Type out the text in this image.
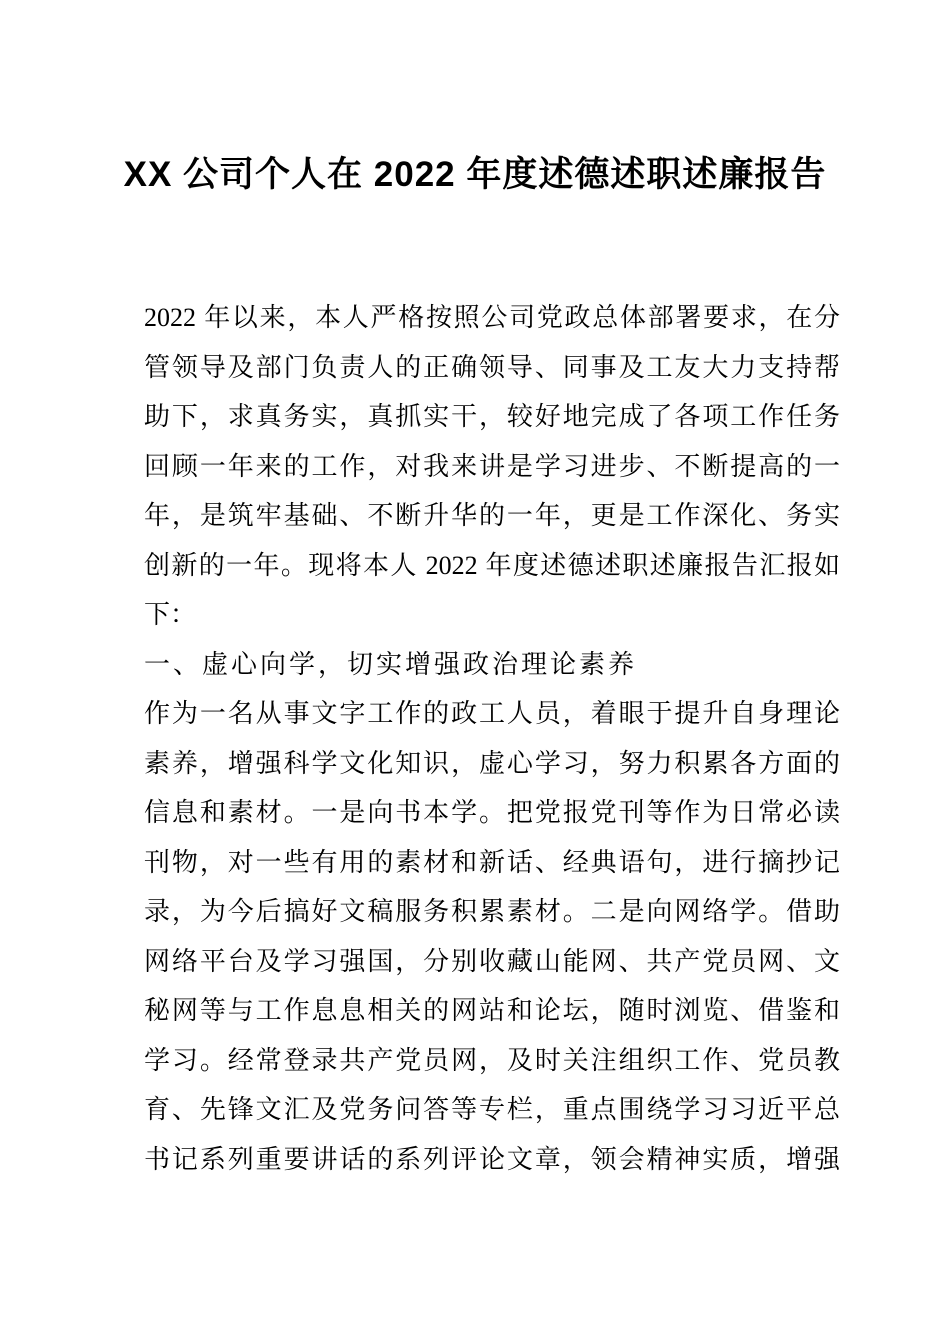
XX 公司个人在 2022 年度述德述职述廉报告
2022 年以来，本人严格按照公司党政总体部署要求，在分
管领导及部门负责人的正确领导、同事及工友大力支持帮
助下，求真务实，真抓实干，较好地完成了各项工作任务
回顾一年来的工作，对我来讲是学习进步、不断提高的一
年，是筑牢基础、不断升华的一年，更是工作深化、务实
创新的一年。现将本人 2022 年度述德述职述廉报告汇报如
下：
一、虚心向学，切实增强政治理论素养
作为一名从事文字工作的政工人员，着眼于提升自身理论
素养，增强科学文化知识，虚心学习，努力积累各方面的
信息和素材。一是向书本学。把党报党刊等作为日常必读
刊物，对一些有用的素材和新话、经典语句，进行摘抄记
录，为今后搞好文稿服务积累素材。二是向网络学。借助
网络平台及学习强国，分别收藏山能网、共产党员网、文
秘网等与工作息息相关的网站和论坛，随时浏览、借鉴和
学习。经常登录共产党员网，及时关注组织工作、党员教
育、先锋文汇及党务问答等专栏，重点围绕学习习近平总
书记系列重要讲话的系列评论文章，领会精神实质，增强
